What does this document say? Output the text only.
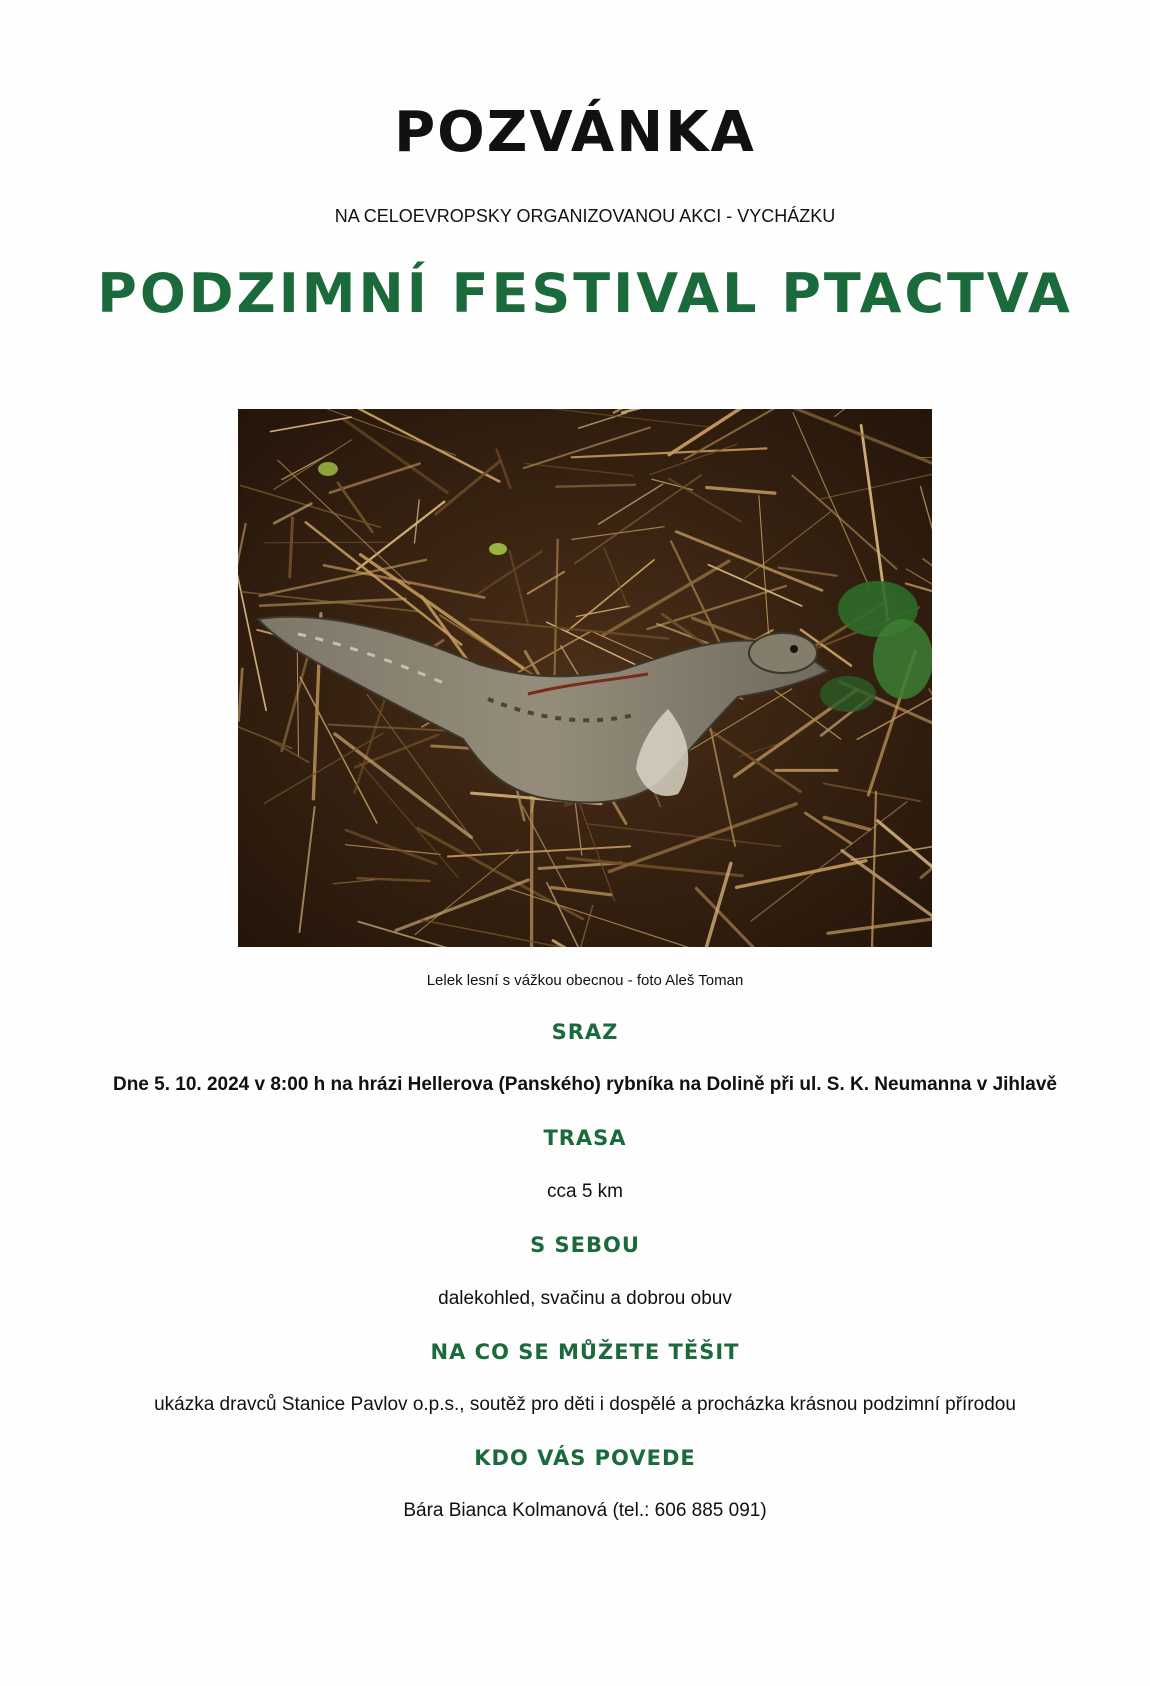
POZVÁNKA
NA CELOEVROPSKY ORGANIZOVANOU AKCI - VYCHÁZKU
PODZIMNÍ FESTIVAL PTACTVA
Lelek lesní s vážkou obecnou - foto Aleš Toman
SRAZ
Dne 5. 10. 2024 v 8:00 h na hrázi Hellerova (Panského) rybníka na Dolině při ul. S. K. Neumanna v Jihlavě
TRASA
cca 5 km
S SEBOU
dalekohled, svačinu a dobrou obuv
NA CO SE MŮŽETE TĚŠIT
ukázka dravců Stanice Pavlov o.p.s., soutěž pro děti i dospělé a procházka krásnou podzimní přírodou
KDO VÁS POVEDE
Bára Bianca Kolmanová (tel.: 606 885 091)
